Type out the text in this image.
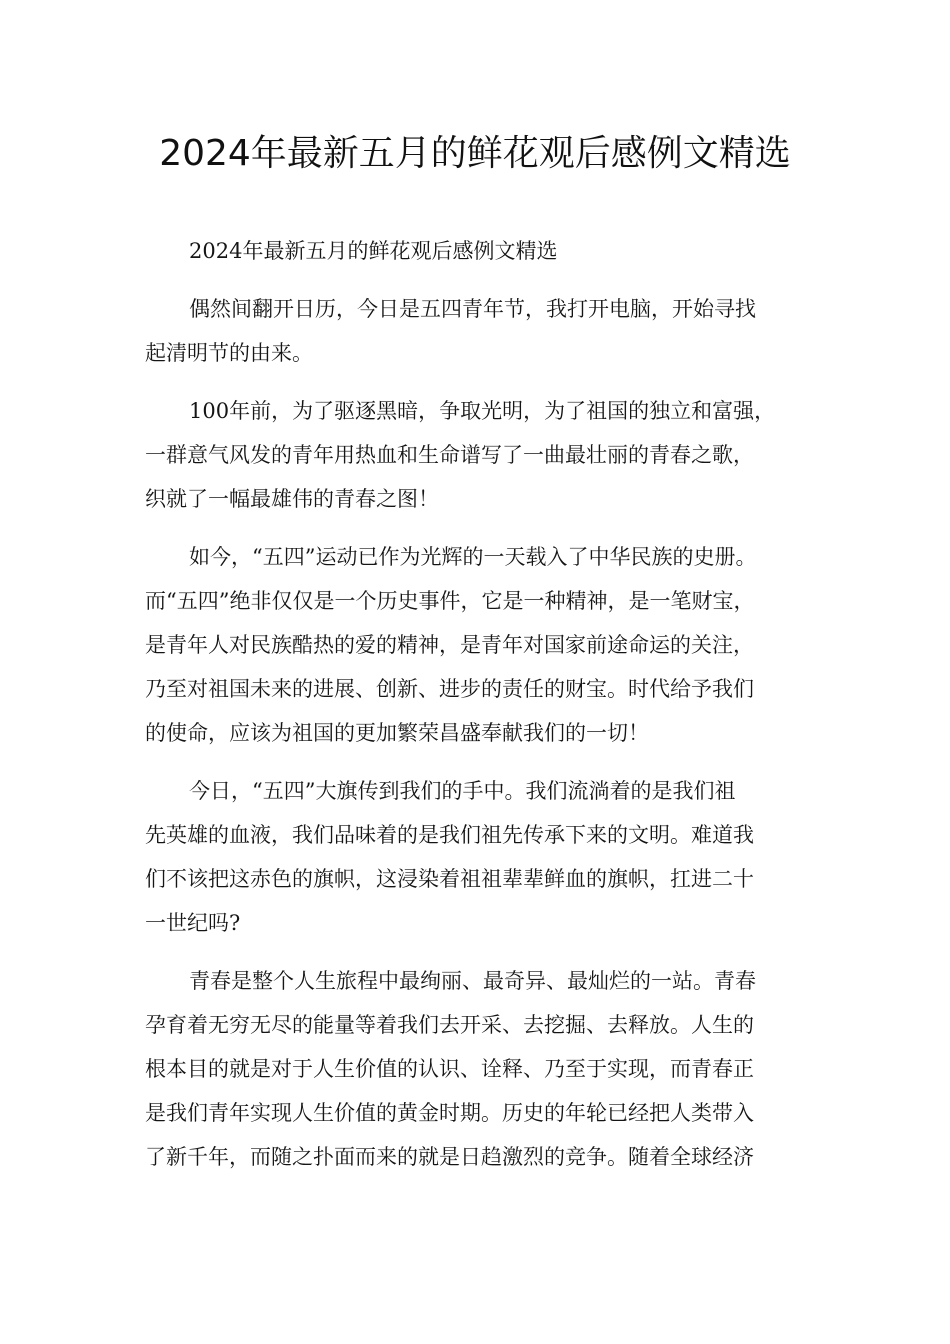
2024年最新五月的鲜花观后感例文精选
2024年最新五月的鲜花观后感例文精选
偶然间翻开日历，今日是五四青年节，我打开电脑，开始寻找
起清明节的由来。
100年前，为了驱逐黑暗，争取光明，为了祖国的独立和富强，
一群意气风发的青年用热血和生命谱写了一曲最壮丽的青春之歌，
织就了一幅最雄伟的青春之图！
如今，“五四”运动已作为光辉的一天载入了中华民族的史册。
而“五四”绝非仅仅是一个历史事件，它是一种精神，是一笔财宝，
是青年人对民族酷热的爱的精神，是青年对国家前途命运的关注，
乃至对祖国未来的进展、创新、进步的责任的财宝。时代给予我们
的使命，应该为祖国的更加繁荣昌盛奉献我们的一切！
今日，“五四”大旗传到我们的手中。我们流淌着的是我们祖
先英雄的血液，我们品味着的是我们祖先传承下来的文明。难道我
们不该把这赤色的旗帜，这浸染着祖祖辈辈鲜血的旗帜，扛进二十
一世纪吗?
青春是整个人生旅程中最绚丽、最奇异、最灿烂的一站。青春
孕育着无穷无尽的能量等着我们去开采、去挖掘、去释放。人生的
根本目的就是对于人生价值的认识、诠释、乃至于实现，而青春正
是我们青年实现人生价值的黄金时期。历史的年轮已经把人类带入
了新千年，而随之扑面而来的就是日趋激烈的竞争。随着全球经济
